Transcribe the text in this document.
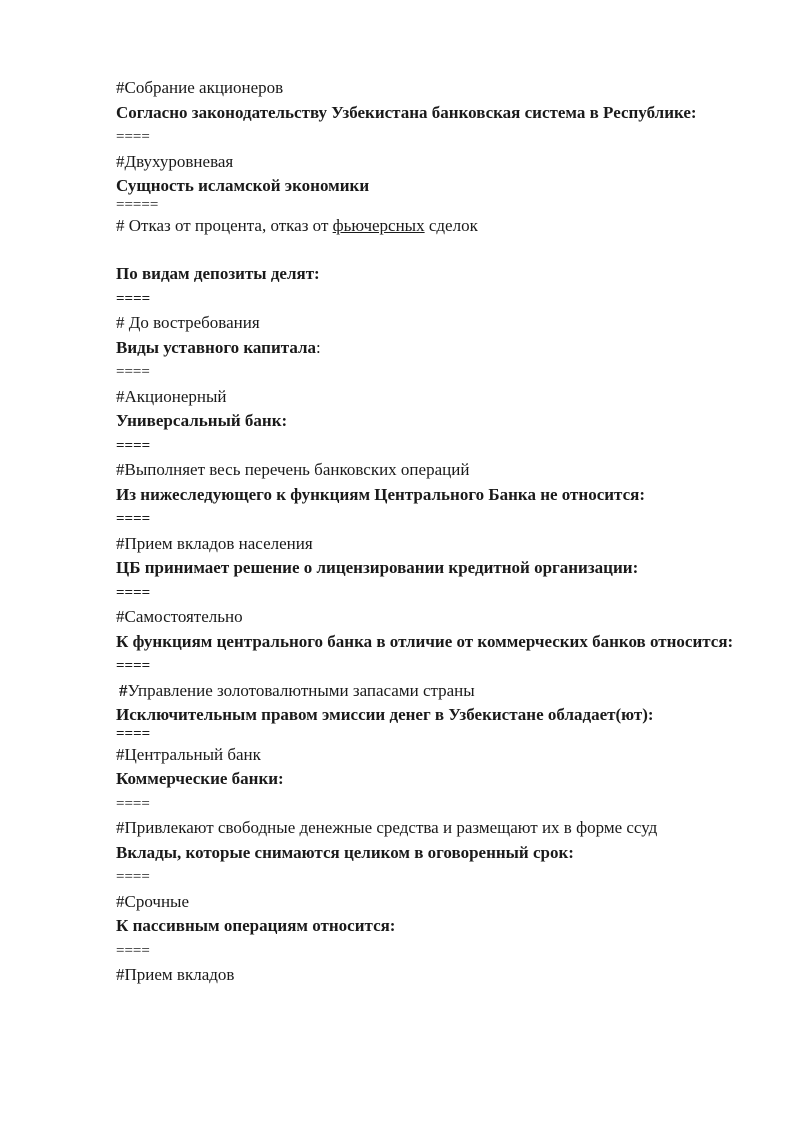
#Собрание акционеров
Согласно законодательству Узбекистана банковская система в Республике:
====
#Двухуровневая
Сущность исламской экономики
=====
# Отказ от процента, отказ от фьючерсных сделок
По видам депозиты делят:
====
# До востребования
Виды уставного капитала:
====
#Акционерный
Универсальный банк:
====
#Выполняет весь перечень банковских операций
Из нижеследующего к функциям Центрального Банка не относится:
====
#Прием вкладов населения
ЦБ принимает решение о лицензировании кредитной организации:
====
#Самостоятельно
К функциям центрального банка в отличие от коммерческих банков относится:
====
#Управление золотовалютными запасами страны
Исключительным правом эмиссии денег в Узбекистане обладает(ют):
====
#Центральный банк
Коммерческие банки:
====
#Привлекают свободные денежные средства и размещают их в форме ссуд
Вклады, которые снимаются целиком в оговоренный срок:
====
#Срочные
К пассивным операциям относится:
====
#Прием вкладов
